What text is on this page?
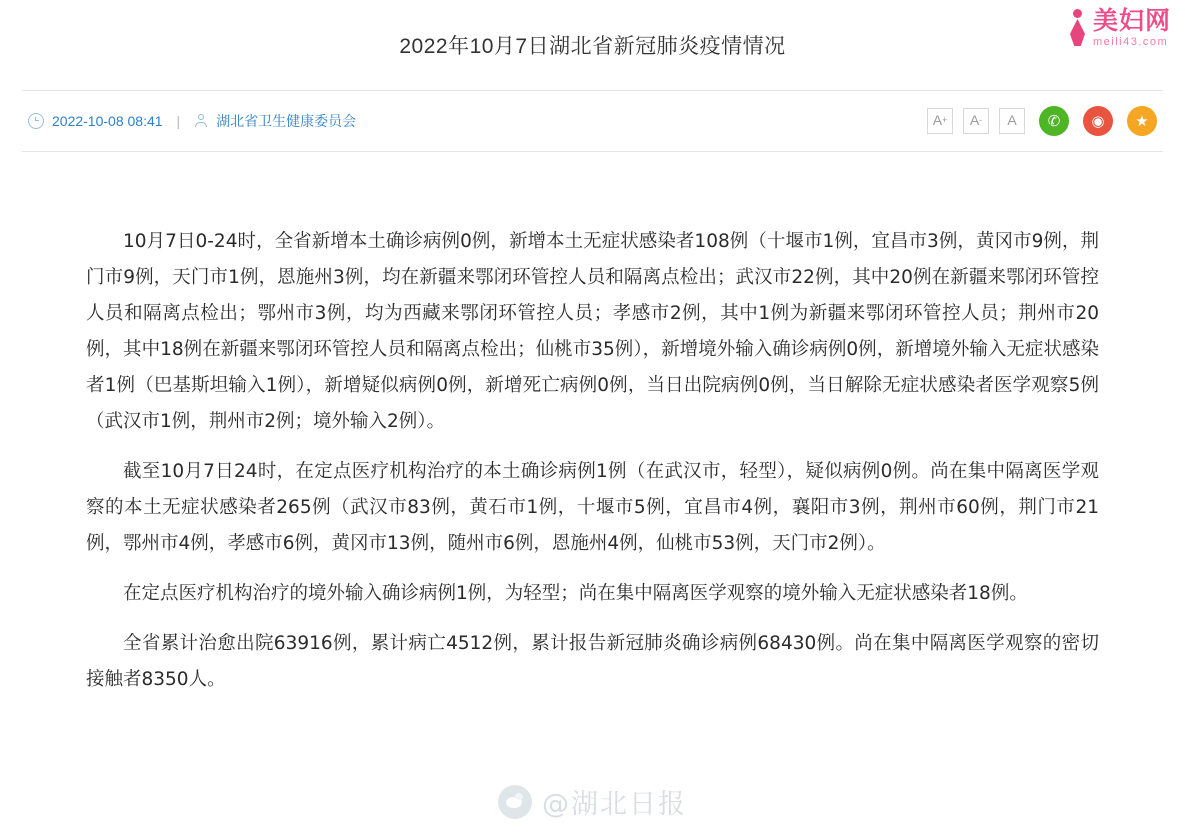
美妇网
meili43.com
2022年10月7日湖北省新冠肺炎疫情情况
2022-10-08 08:41 |	湖北省卫生健康委员会	A + A - A ✆ ◉ ★

10月7日0-24时，全省新增本土确诊病例0例，新增本土无症状感染者108例（十堰市1例，宜昌市3例，黄冈市9例，荆门市9例，天门市1例，恩施州3例，均在新疆来鄂闭环管控人员和隔离点检出；武汉市22例，其中20例在新疆来鄂闭环管控人员和隔离点检出；鄂州市3例，均为西藏来鄂闭环管控人员；孝感市2例，其中1例为新疆来鄂闭环管控人员；荆州市20例，其中18例在新疆来鄂闭环管控人员和隔离点检出；仙桃市35例），新增境外输入确诊病例0例，新增境外输入无症状感染者1例（巴基斯坦输入1例），新增疑似病例0例，新增死亡病例0例，当日出院病例0例，当日解除无症状感染者医学观察5例（武汉市1例，荆州市2例；境外输入2例）。

截至10月7日24时，在定点医疗机构治疗的本土确诊病例1例（在武汉市，轻型），疑似病例0例。尚在集中隔离医学观察的本土无症状感染者265例（武汉市83例，黄石市1例，十堰市5例，宜昌市4例，襄阳市3例，荆州市60例，荆门市21例，鄂州市4例，孝感市6例，黄冈市13例，随州市6例，恩施州4例，仙桃市53例，天门市2例）。

在定点医疗机构治疗的境外输入确诊病例1例，为轻型；尚在集中隔离医学观察的境外输入无症状感染者18例。

全省累计治愈出院63916例，累计病亡4512例，累计报告新冠肺炎确诊病例68430例。尚在集中隔离医学观察的密切接触者8350人。

@湖北日报
